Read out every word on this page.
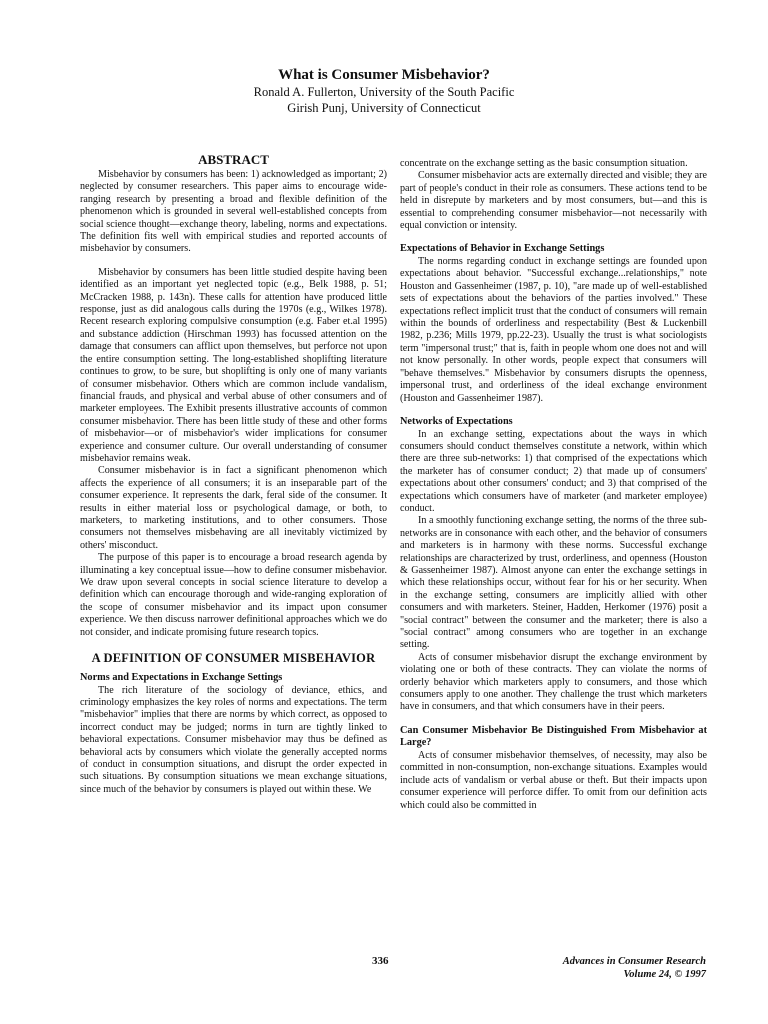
What is Consumer Misbehavior?

Ronald A. Fullerton, University of the South Pacific

Girish Punj, University of Connecticut

ABSTRACT

Misbehavior by consumers has been: 1) acknowledged as important; 2) neglected by consumer researchers. This paper aims to encourage wide-ranging research by presenting a broad and flexible definition of the phenomenon which is grounded in several well-established concepts from social science thought—exchange theory, labeling, norms and expectations. The definition fits well with empirical studies and reported accounts of misbehavior by consumers.

Misbehavior by consumers has been little studied despite having been identified as an important yet neglected topic (e.g., Belk 1988, p. 51; McCracken 1988, p. 143n). These calls for attention have produced little response, just as did analogous calls during the 1970s (e.g., Wilkes 1978). Recent research exploring compulsive consumption (e.g. Faber et.al 1995) and substance addiction (Hirschman 1993) has focussed attention on the damage that consumers can afflict upon themselves, but perforce not upon the entire consumption setting. The long-established shoplifting literature continues to grow, to be sure, but shoplifting is only one of many variants of consumer misbehavior. Others which are common include vandalism, financial frauds, and physical and verbal abuse of other consumers and of marketer employees. The Exhibit presents illustrative accounts of common consumer misbehavior. There has been little study of these and other forms of misbehavior—or of misbehavior's wider implications for consumer experience and consumer culture. Our overall understanding of consumer misbehavior remains weak.

Consumer misbehavior is in fact a significant phenomenon which affects the experience of all consumers; it is an inseparable part of the consumer experience. It represents the dark, feral side of the consumer. It results in either material loss or psychological damage, or both, to marketers, to marketing institutions, and to other consumers. Those consumers not themselves misbehaving are all inevitably victimized by others' misconduct.

The purpose of this paper is to encourage a broad research agenda by illuminating a key conceptual issue—how to define consumer misbehavior. We draw upon several concepts in social science literature to develop a definition which can encourage thorough and wide-ranging exploration of the scope of consumer misbehavior and its impact upon consumer experience. We then discuss narrower definitional approaches which we do not consider, and indicate promising future research topics.

A DEFINITION OF CONSUMER MISBEHAVIOR
Norms and Expectations in Exchange Settings

The rich literature of the sociology of deviance, ethics, and criminology emphasizes the key roles of norms and expectations. The term "misbehavior" implies that there are norms by which correct, as opposed to incorrect conduct may be judged; norms in turn are tightly linked to behavioral expectations. Consumer misbehavior may thus be defined as behavioral acts by consumers which violate the generally accepted norms of conduct in consumption situations, and disrupt the order expected in such situations. By consumption situations we mean exchange situations, since much of the behavior by consumers is played out within these. We

concentrate on the exchange setting as the basic consumption situation.

Consumer misbehavior acts are externally directed and visible; they are part of people's conduct in their role as consumers. These actions tend to be held in disrepute by marketers and by most consumers, but—and this is essential to comprehending consumer misbehavior—not necessarily with equal conviction or intensity.

Expectations of Behavior in Exchange Settings

The norms regarding conduct in exchange settings are founded upon expectations about behavior. "Successful exchange...relationships," note Houston and Gassenheimer (1987, p. 10), "are made up of well-established sets of expectations about the behaviors of the parties involved." These expectations reflect implicit trust that the conduct of consumers will remain within the bounds of orderliness and respectability (Best & Luckenbill 1982, p.236; Mills 1979, pp.22-23). Usually the trust is what sociologists term "impersonal trust;" that is, faith in people whom one does not and will not know personally. In other words, people expect that consumers will "behave themselves." Misbehavior by consumers disrupts the openness, impersonal trust, and orderliness of the ideal exchange environment (Houston and Gassenheimer 1987).

Networks of Expectations

In an exchange setting, expectations about the ways in which consumers should conduct themselves constitute a network, within which there are three sub-networks: 1) that comprised of the expectations which the marketer has of consumer conduct; 2) that made up of consumers' expectations about other consumers' conduct; and 3) that comprised of the expectations which consumers have of marketer (and marketer employee) conduct.

In a smoothly functioning exchange setting, the norms of the three sub-networks are in consonance with each other, and the behavior of consumers and marketers is in harmony with these norms. Successful exchange relationships are characterized by trust, orderliness, and openness (Houston & Gassenheimer 1987). Almost anyone can enter the exchange settings in which these relationships occur, without fear for his or her security. When in the exchange setting, consumers are implicitly allied with other consumers and with marketers. Steiner, Hadden, Herkomer (1976) posit a "social contract" between the consumer and the marketer; there is also a "social contract" among consumers who are together in an exchange setting.

Acts of consumer misbehavior disrupt the exchange environment by violating one or both of these contracts. They can violate the norms of orderly behavior which marketers apply to consumers, and those which consumers apply to one another. They challenge the trust which marketers have in consumers, and that which consumers have in their peers.

Can Consumer Misbehavior Be Distinguished From Misbehavior at Large?

Acts of consumer misbehavior themselves, of necessity, may also be committed in non-consumption, non-exchange situations. Examples would include acts of vandalism or verbal abuse or theft. But their impacts upon consumer experience will perforce differ. To omit from our definition acts which could also be committed in

336	Advances in Consumer Research
Volume 24, © 1997
